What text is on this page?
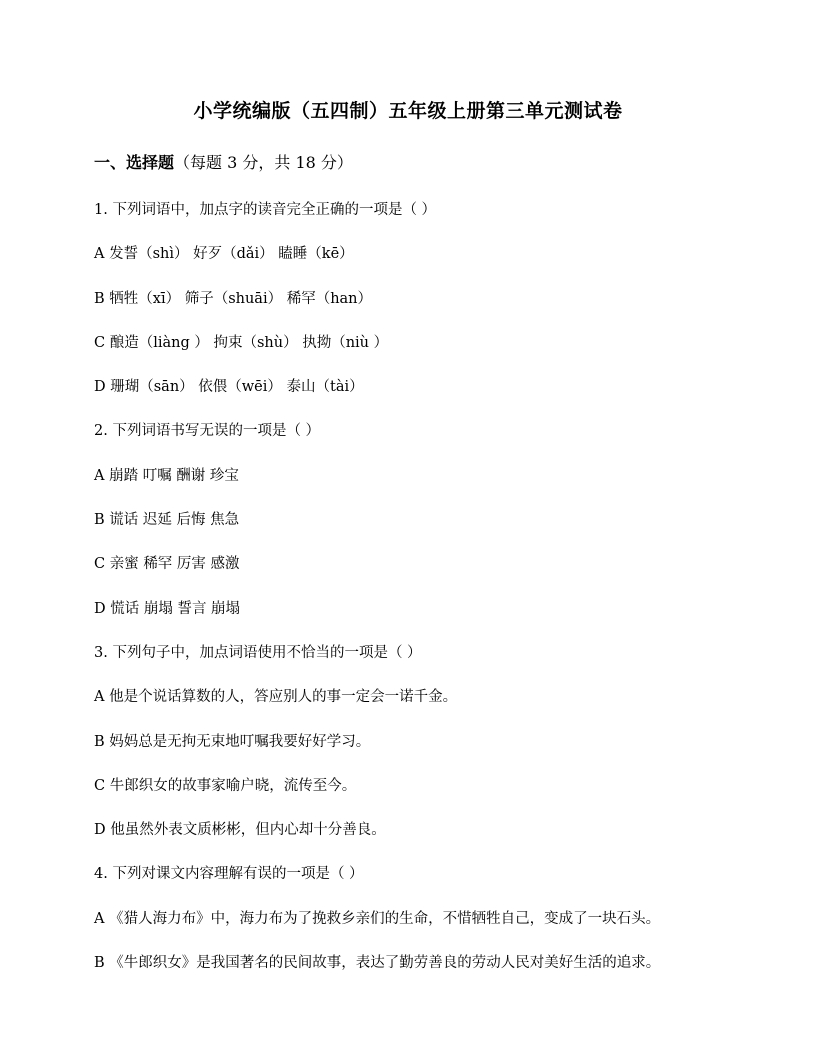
小学统编版（五四制）五年级上册第三单元测试卷
一、选择题（每题 3 分，共 18 分）
1. 下列词语中，加点字的读音完全正确的一项是（ ）
A 发誓（shì） 好歹（dǎi） 瞌睡（kē）
B 牺牲（xī） 筛子（shuāi） 稀罕（han）
C 酿造（liàng ） 拘束（shù） 执拗（niù ）
D 珊瑚（sān） 依偎（wēi） 泰山（tài）
2. 下列词语书写无误的一项是（ ）
A 崩踏 叮嘱 酬谢 珍宝
B 谎话 迟延 后悔 焦急
C 亲蜜 稀罕 厉害 感激
D 慌话 崩塌 誓言 崩塌
3. 下列句子中，加点词语使用不恰当的一项是（ ）
A 他是个说话算数的人，答应别人的事一定会一诺千金。
B 妈妈总是无拘无束地叮嘱我要好好学习。
C 牛郎织女的故事家喻户晓，流传至今。
D 他虽然外表文质彬彬，但内心却十分善良。
4. 下列对课文内容理解有误的一项是（ ）
A 《猎人海力布》中，海力布为了挽救乡亲们的生命，不惜牺牲自己，变成了一块石头。
B 《牛郎织女》是我国著名的民间故事，表达了勤劳善良的劳动人民对美好生活的追求。
